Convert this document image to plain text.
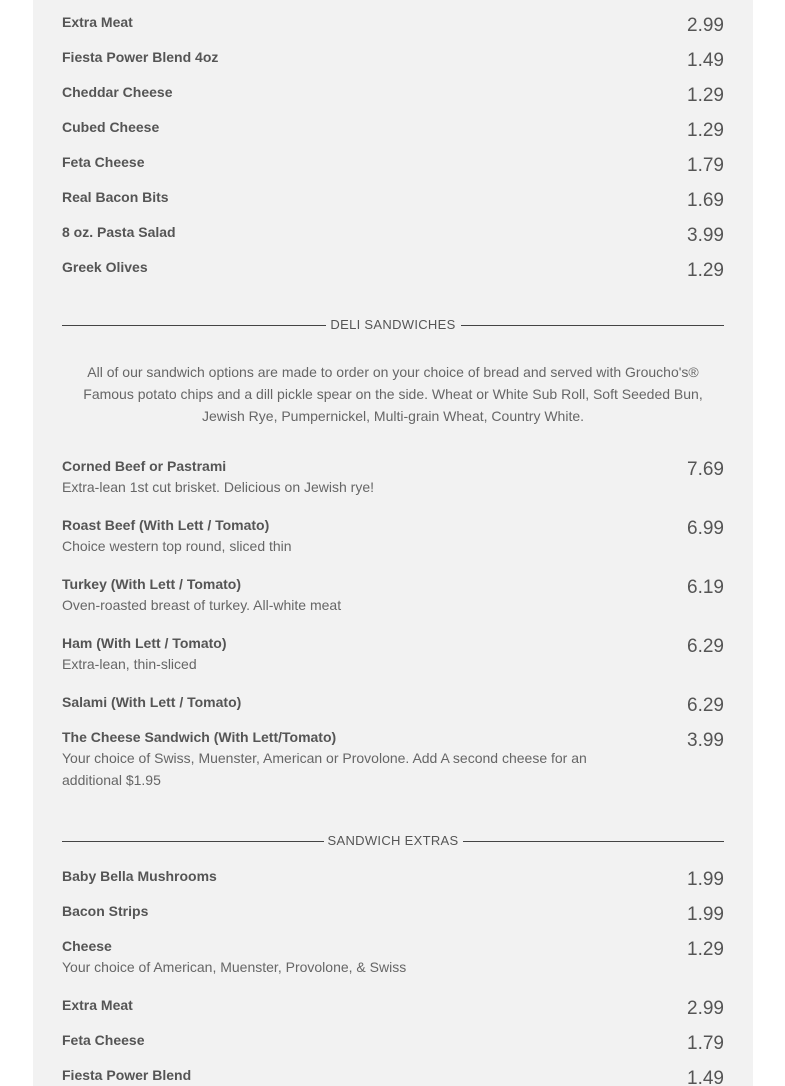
Extra Meat	2.99
Fiesta Power Blend 4oz	1.49
Cheddar Cheese	1.29
Cubed Cheese	1.29
Feta Cheese	1.79
Real Bacon Bits	1.69
8 oz. Pasta Salad	3.99
Greek Olives	1.29
DELI SANDWICHES
All of our sandwich options are made to order on your choice of bread and served with Groucho's® Famous potato chips and a dill pickle spear on the side. Wheat or White Sub Roll, Soft Seeded Bun, Jewish Rye, Pumpernickel, Multi-grain Wheat, Country White.
Corned Beef or Pastrami
Extra-lean 1st cut brisket. Delicious on Jewish rye!
7.69
Roast Beef (With Lett / Tomato)
Choice western top round, sliced thin
6.99
Turkey (With Lett / Tomato)
Oven-roasted breast of turkey. All-white meat
6.19
Ham (With Lett / Tomato)
Extra-lean, thin-sliced
6.29
Salami (With Lett / Tomato)	6.29
The Cheese Sandwich (With Lett/Tomato)
Your choice of Swiss, Muenster, American or Provolone. Add A second cheese for an additional $1.95
3.99
SANDWICH EXTRAS
Baby Bella Mushrooms	1.99
Bacon Strips	1.99
Cheese
Your choice of American, Muenster, Provolone, & Swiss
1.29
Extra Meat	2.99
Feta Cheese	1.79
Fiesta Power Blend	1.49
